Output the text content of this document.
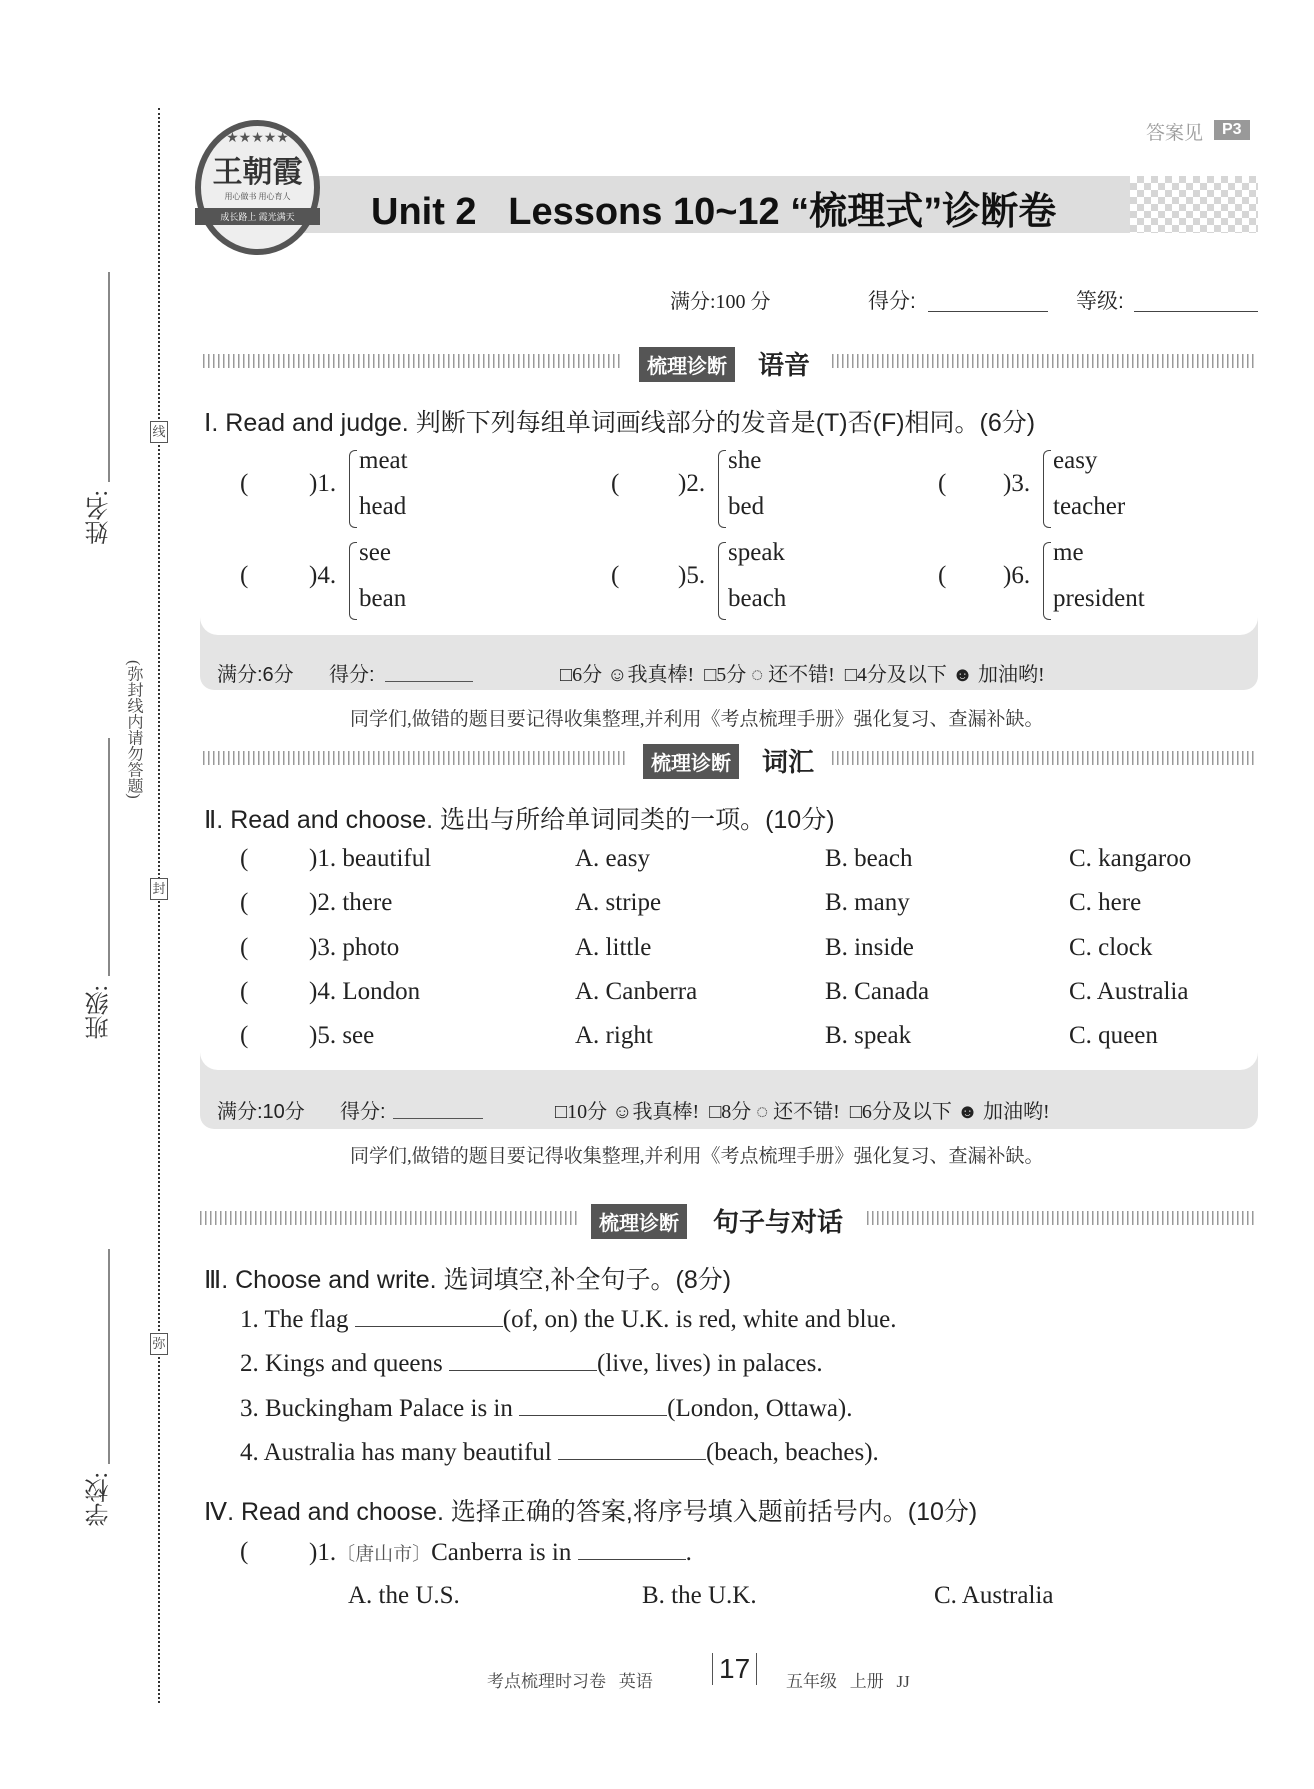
线
封
弥
姓名:
班级:
学校:
(弥封线内请勿答题)
答案见	P3
★★★★★
王朝霞
用心做书 用心育人
成长路上 霞光满天	Unit 2   Lessons 10~12 “梳理式”诊断卷
满分:100 分	得分:	等级:
梳理诊断	语音
Ⅰ. Read and judge. 判断下列每组单词画线部分的发音是(T)否(F)相同。(6分)
( )1.
meat
head
( )2.
she
bed
( )3.
easy
teacher
( )4.
see
bean
( )5.
speak
beach
( )6.
me
president
满分:6分 得分:	□6分 ☺我真棒! □5分 ◌ 还不错! □4分及以下 ☻ 加油哟!
同学们,做错的题目要记得收集整理,并利用《考点梳理手册》强化复习、查漏补缺。
梳理诊断	词汇
Ⅱ. Read and choose. 选出与所给单词同类的一项。(10分)
( )1. beautiful	A. easy	B. beach	C. kangaroo
( )2. there	A. stripe	B. many	C. here
( )3. photo	A. little	B. inside	C. clock
( )4. London	A. Canberra	B. Canada	C. Australia
( )5. see	A. right	B. speak	C. queen
满分:10分 得分:	□10分 ☺我真棒! □8分 ◌ 还不错! □6分及以下 ☻ 加油哟!
同学们,做错的题目要记得收集整理,并利用《考点梳理手册》强化复习、查漏补缺。
梳理诊断	句子与对话
Ⅲ. Choose and write. 选词填空,补全句子。(8分)
1. The flag	(of, on) the U.K. is red, white and blue.
2. Kings and queens	(live, lives) in palaces.
3. Buckingham Palace is in	(London, Ottawa).
4. Australia has many beautiful	(beach, beaches).
Ⅳ. Read and choose. 选择正确的答案,将序号填入题前括号内。(10分)
( )1.〔唐山市〕Canberra is in	.
A. the U.S.	B. the U.K.	C. Australia
考点梳理时习卷   英语 17	五年级   上册   JJ
